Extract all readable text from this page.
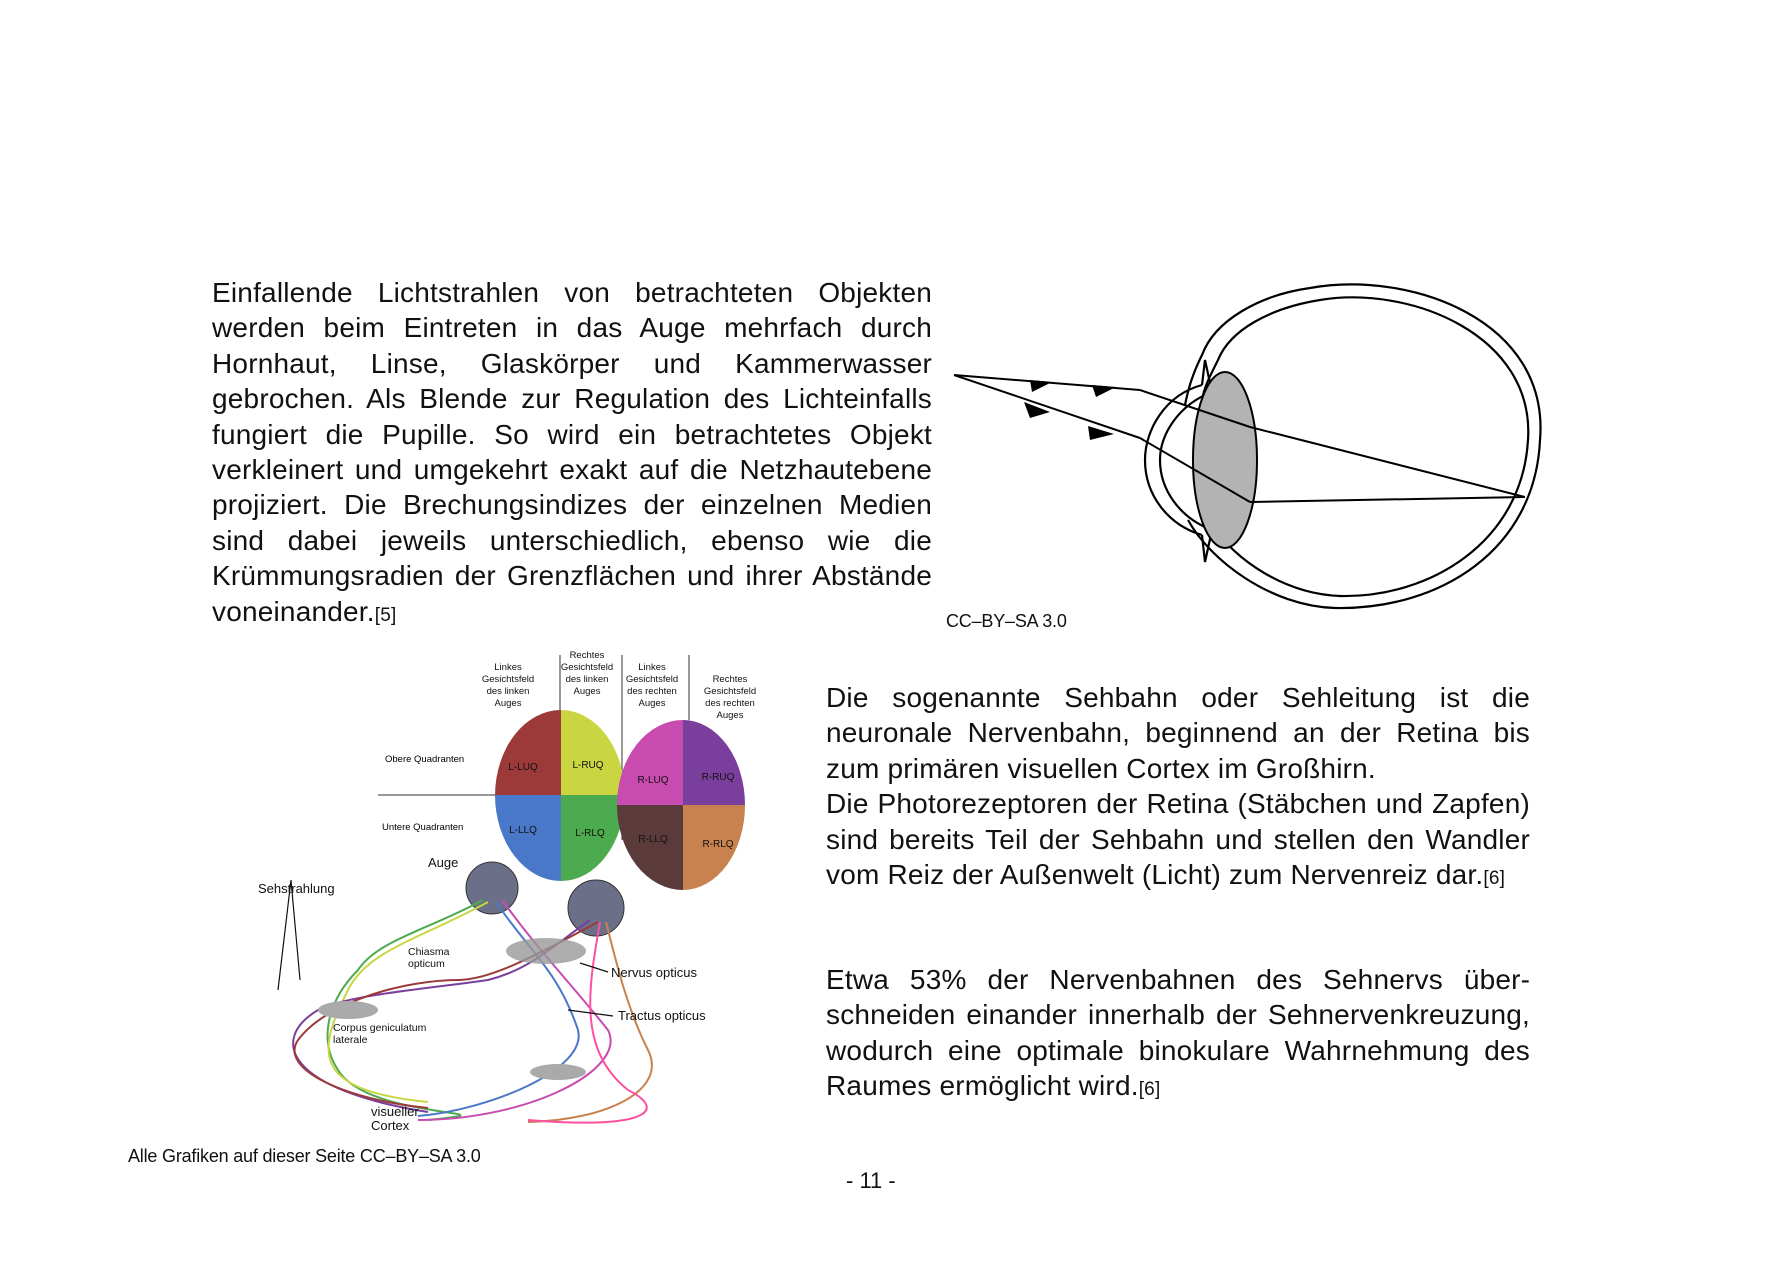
Einfallende Lichtstrahlen von betrachteten Objekten werden beim Eintreten in das Auge mehrfach durch Hornhaut, Linse, Glaskörper und Kammerwasser gebrochen. Als Blende zur Regulation des Lichteinfalls fungiert die Pupille. So wird ein betrachtetes Objekt verkleinert und umgekehrt exakt auf die Netzhautebene projiziert. Die Brechungsindizes der einzelnen Medien sind dabei jeweils unterschiedlich, ebenso wie die Krümmungsradien der Grenzflächen und ihrer Abstände voneinander.[5]	CC–BY–SA 3.0
Linkes Gesichtsfeld des linken Auges
Rechtes Gesichtsfeld des linken Auges
Linkes Gesichtsfeld des rechten Auges
Rechtes Gesichtsfeld des rechten Auges
Obere Quadranten
Untere Quadranten
L-LUQ	L-RUQ
L-LLQ	L-RLQ
R-LUQ	R-RUQ
R-LLQ	R-RLQ
Auge
Sehstrahlung
Chiasma opticum
Nervus opticus
Tractus opticus
Corpus geniculatum laterale
visueller Cortex
Die sogenannte Sehbahn oder Sehleitung ist die neuronale Nervenbahn, beginnend an der Retina bis zum primären visuellen Cortex im Großhirn.
Die Photorezeptoren der Retina (Stäbchen und Zapfen) sind bereits Teil der Sehbahn und stellen den Wandler vom Reiz der Außenwelt (Licht) zum Nervenreiz dar.[6]
Etwa 53% der Nervenbahnen des Sehnervs überschneiden einander innerhalb der Sehnervenkreuzung, wodurch eine optimale binokulare Wahrnehmung des Raumes ermöglicht wird.[6]
Alle Grafiken auf dieser Seite CC–BY–SA 3.0
- 11 -
